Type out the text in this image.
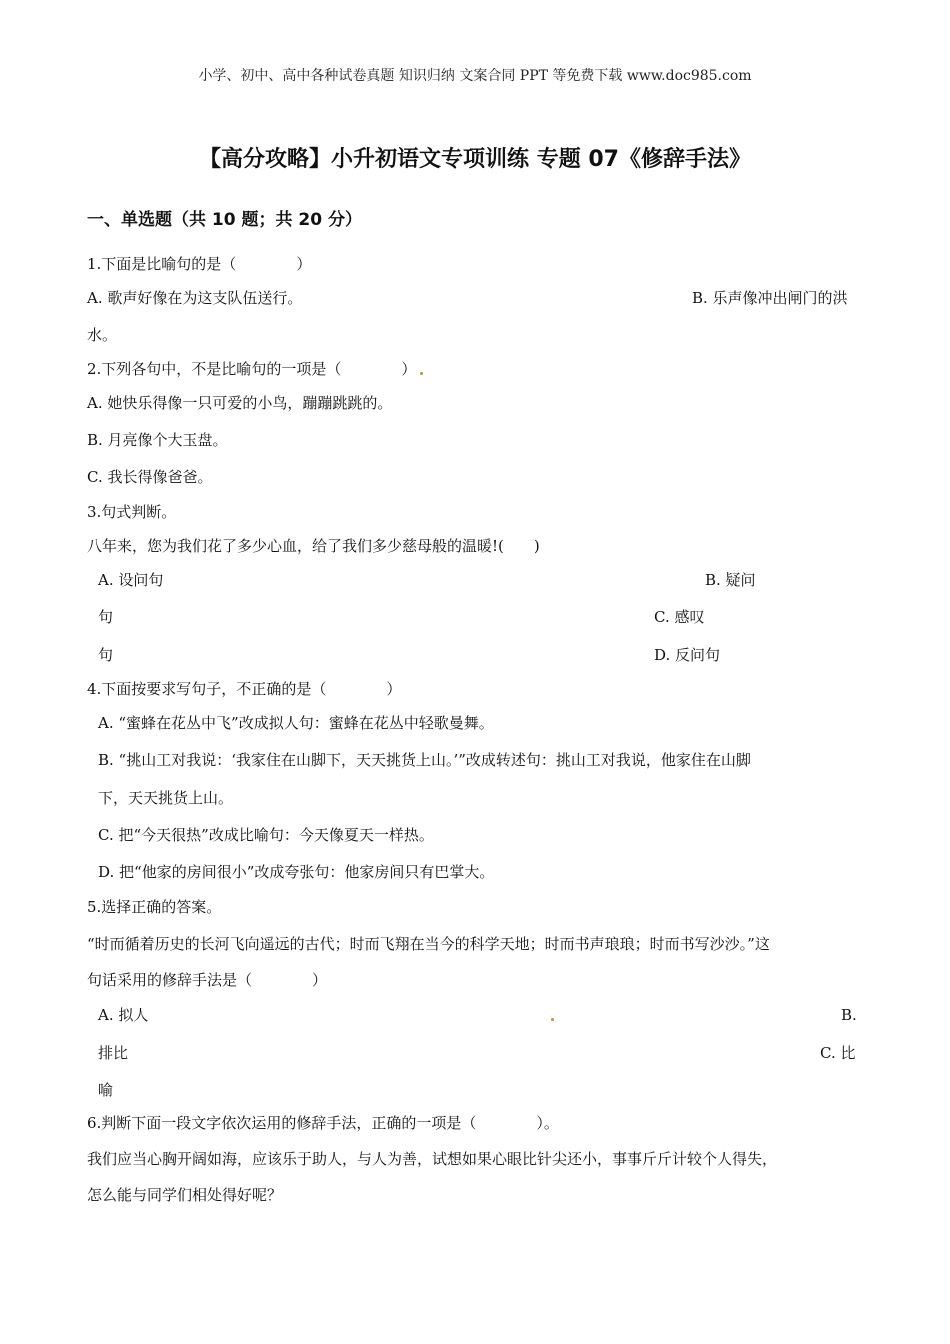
小学、初中、高中各种试卷真题 知识归纳 文案合同 PPT 等免费下载 www.doc985.com
【高分攻略】小升初语文专项训练 专题 07《修辞手法》
一、单选题（共 10 题；共 20 分）
1.下面是比喻句的是（　　　　）
A. 歌声好像在为这支队伍送行。	B. 乐声像冲出闸门的洪
水。
2.下列各句中，不是比喻句的一项是（　　　　）
A. 她快乐得像一只可爱的小鸟，蹦蹦跳跳的。
B. 月亮像个大玉盘。
C. 我长得像爸爸。
3.句式判断。
八年来，您为我们花了多少心血，给了我们多少慈母般的温暖!(　　)
A. 设问句	B. 疑问
句	C. 感叹
句	D. 反问句
4.下面按要求写句子，不正确的是（　　　　）
A. “蜜蜂在花丛中飞”改成拟人句：蜜蜂在花丛中轻歌曼舞。
B. “挑山工对我说：‘我家住在山脚下，天天挑货上山。’”改成转述句：挑山工对我说，他家住在山脚
下，天天挑货上山。
C. 把“今天很热”改成比喻句：今天像夏天一样热。
D. 把“他家的房间很小”改成夸张句：他家房间只有巴掌大。
5.选择正确的答案。
“时而循着历史的长河飞向遥远的古代；时而飞翔在当今的科学天地；时而书声琅琅；时而书写沙沙。”这
句话采用的修辞手法是（　　　　）
A. 拟人	B.
排比	C. 比
喻
6.判断下面一段文字依次运用的修辞手法，正确的一项是（　　　　）。
我们应当心胸开阔如海，应该乐于助人，与人为善，试想如果心眼比针尖还小，事事斤斤计较个人得失，
怎么能与同学们相处得好呢？
